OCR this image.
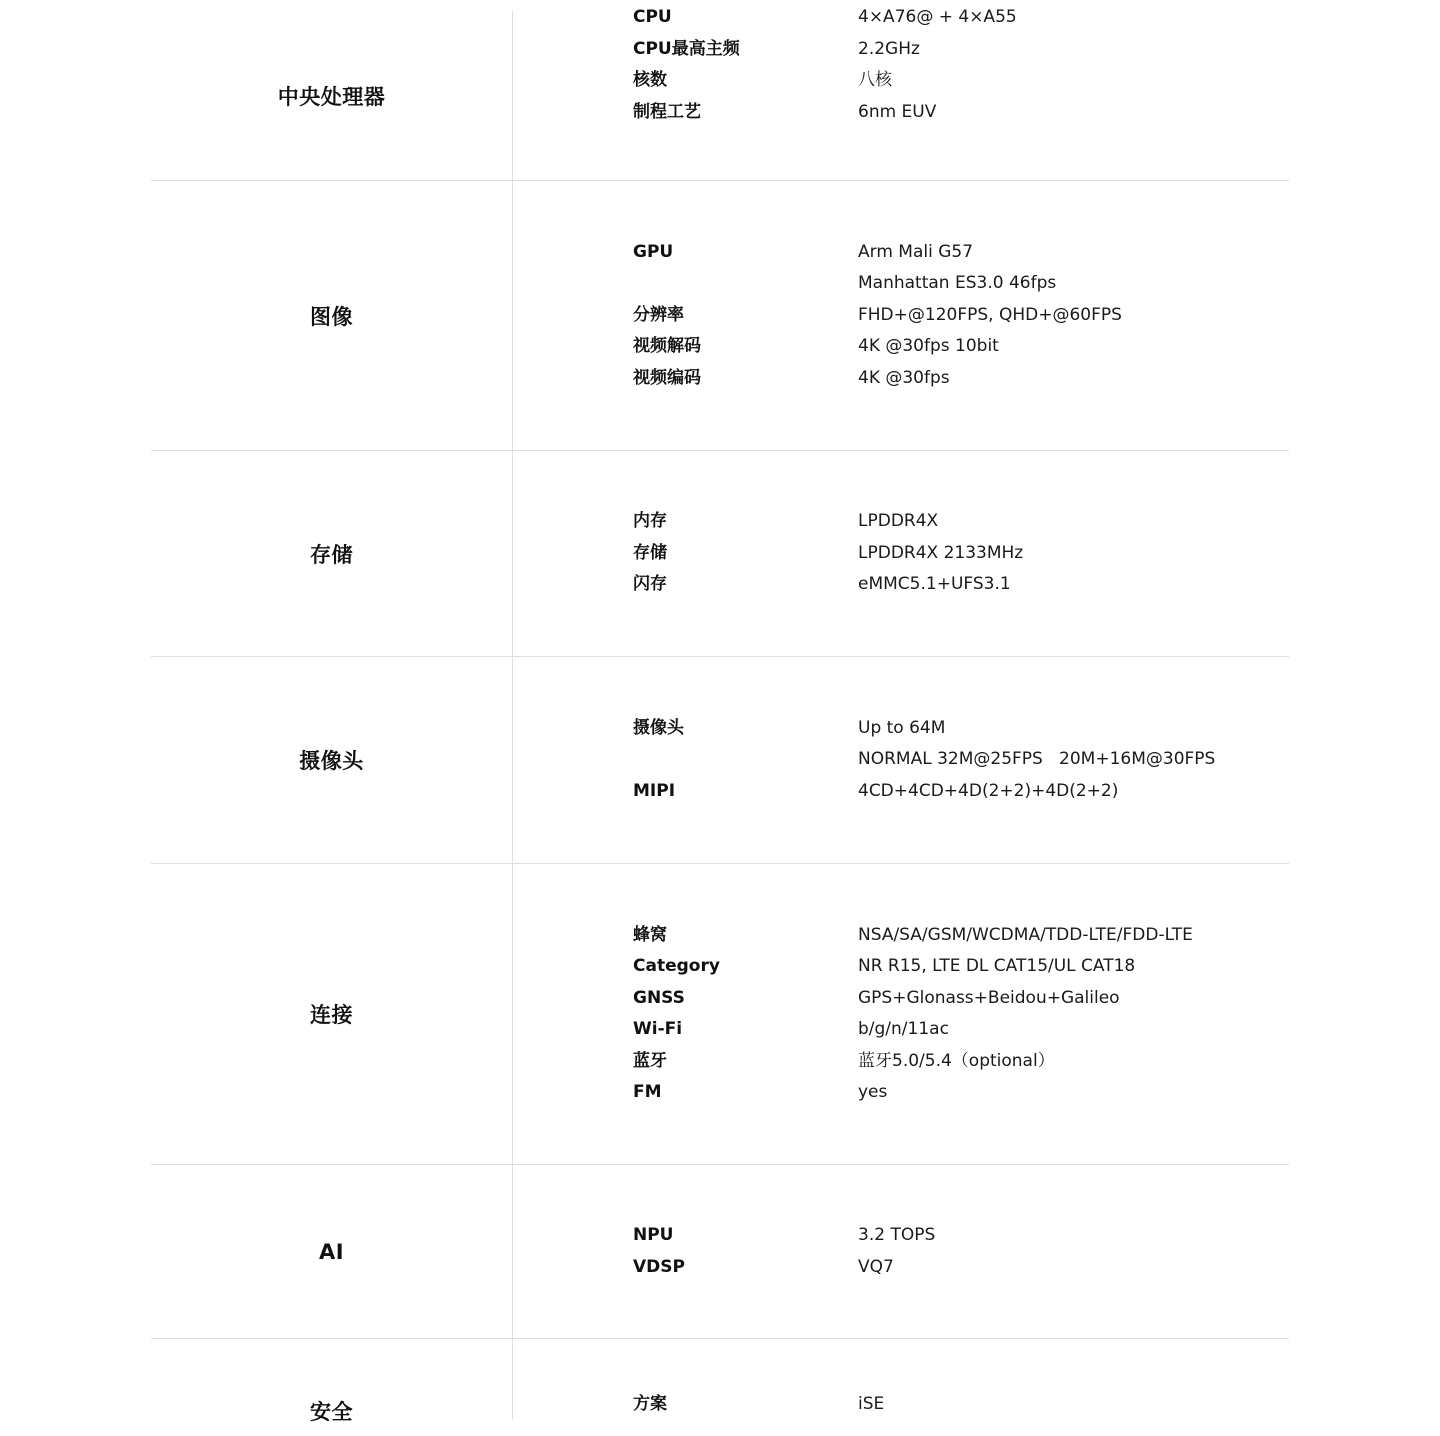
中央处理器
CPU	4×A76@ + 4×A55
CPU最高主频	2.2GHz
核数	八核
制程工艺	6nm EUV
图像
GPU	Arm Mali G57
Manhattan ES3.0 46fps
分辨率	FHD+@120FPS, QHD+@60FPS
视频解码	4K @30fps 10bit
视频编码	4K @30fps
存储
内存	LPDDR4X
存储	LPDDR4X 2133MHz
闪存	eMMC5.1+UFS3.1
摄像头
摄像头	Up to 64M
NORMAL 32M@25FPS   20M+16M@30FPS
MIPI	4CD+4CD+4D(2+2)+4D(2+2)
连接
蜂窝	NSA/SA/GSM/WCDMA/TDD-LTE/FDD-LTE
Category	NR R15, LTE DL CAT15/UL CAT18
GNSS	GPS+Glonass+Beidou+Galileo
Wi-Fi	b/g/n/11ac
蓝牙	蓝牙5.0/5.4（optional）
FM	yes
AI
NPU	3.2 TOPS
VDSP	VQ7
安全	方案	iSE
